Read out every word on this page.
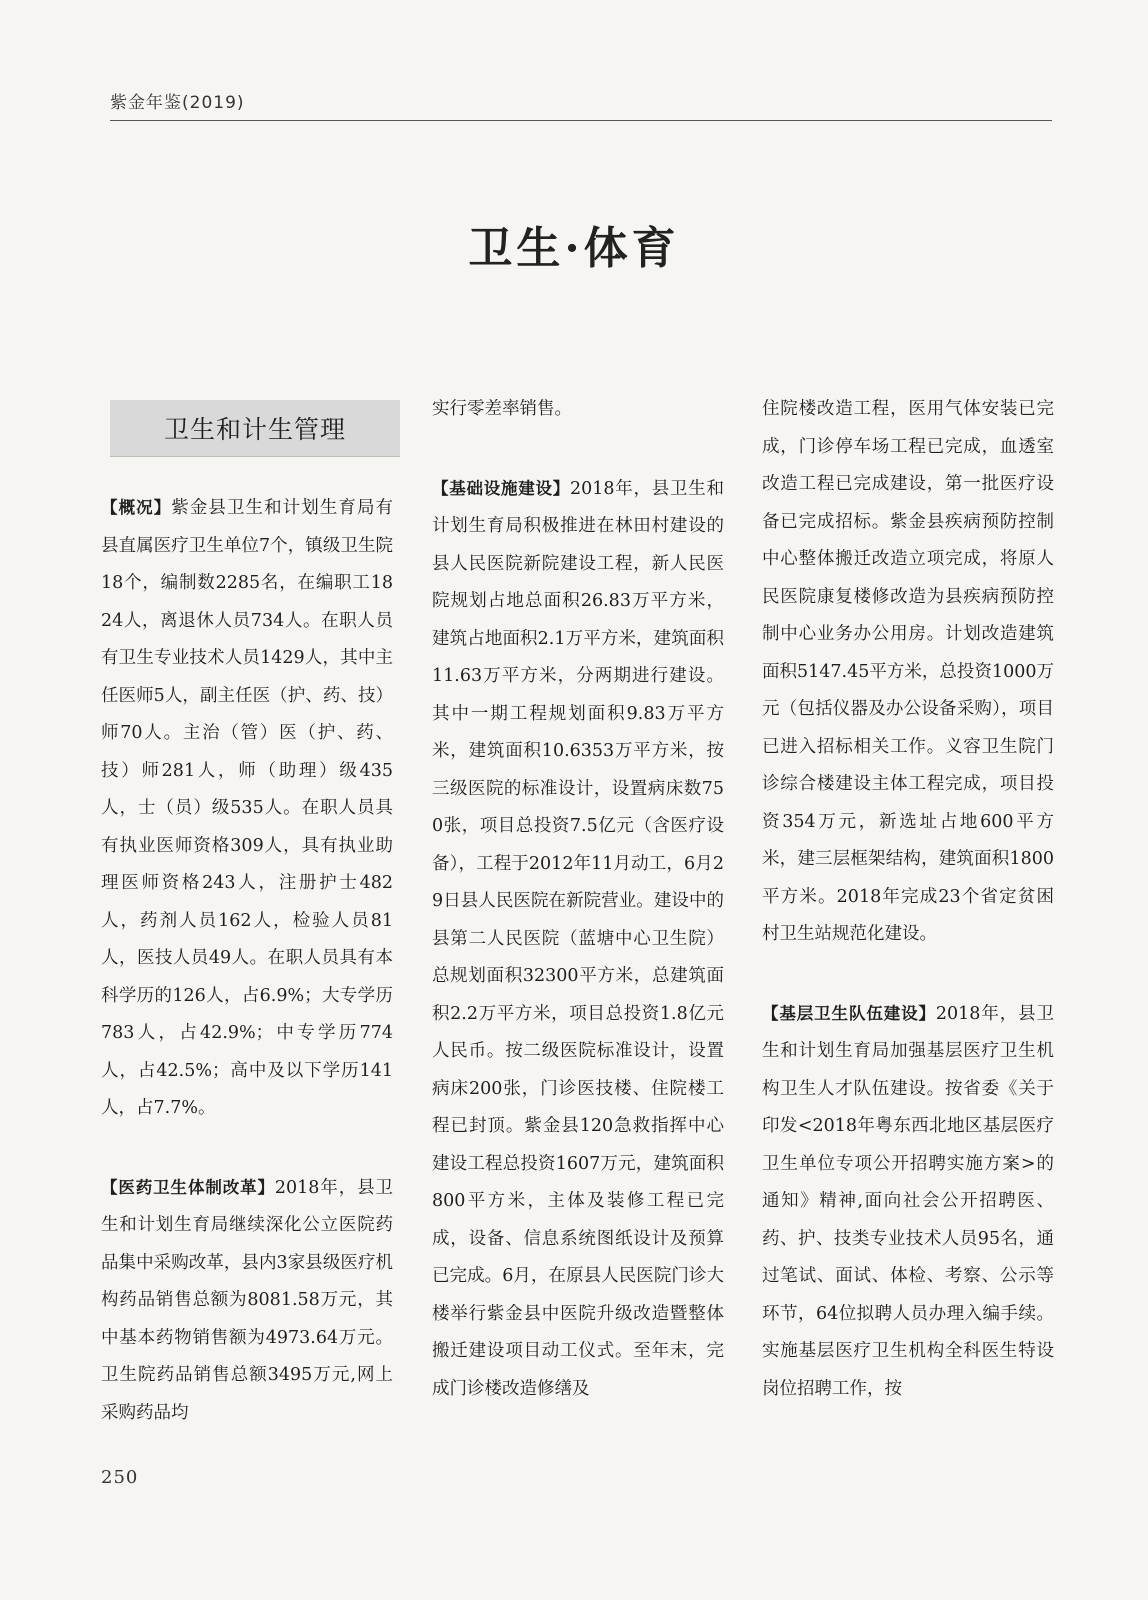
紫金年鉴(2019)
卫生·体育
卫生和计生管理

【概况】紫金县卫生和计划生育局有县直属医疗卫生单位7个，镇级卫生院18个，编制数2285名，在编职工1824人，离退休人员734人。在职人员有卫生专业技术人员1429人，其中主任医师5人，副主任医（护、药、技）师70人。主治（管）医（护、药、技）师281人，师（助理）级435人，士（员）级535人。在职人员具有执业医师资格309人，具有执业助理医师资格243人，注册护士482人，药剂人员162人，检验人员81人，医技人员49人。在职人员具有本科学历的126人，占6.9%；大专学历783人，占42.9%；中专学历774人，占42.5%；高中及以下学历141人，占7.7%。

【医药卫生体制改革】2018年，县卫生和计划生育局继续深化公立医院药品集中采购改革，县内3家县级医疗机构药品销售总额为8081.58万元，其中基本药物销售额为4973.64万元。卫生院药品销售总额3495万元,网上采购药品均

实行零差率销售。

【基础设施建设】2018年，县卫生和计划生育局积极推进在林田村建设的县人民医院新院建设工程，新人民医院规划占地总面积26.83万平方米，建筑占地面积2.1万平方米，建筑面积11.63万平方米，分两期进行建设。其中一期工程规划面积9.83万平方米，建筑面积10.6353万平方米，按三级医院的标准设计，设置病床数750张，项目总投资7.5亿元（含医疗设备），工程于2012年11月动工，6月29日县人民医院在新院营业。建设中的县第二人民医院（蓝塘中心卫生院）总规划面积32300平方米，总建筑面积2.2万平方米，项目总投资1.8亿元人民币。按二级医院标准设计，设置病床200张，门诊医技楼、住院楼工程已封顶。紫金县120急救指挥中心建设工程总投资1607万元，建筑面积800平方米，主体及装修工程已完成，设备、信息系统图纸设计及预算已完成。6月，在原县人民医院门诊大楼举行紫金县中医院升级改造暨整体搬迁建设项目动工仪式。至年末，完成门诊楼改造修缮及

住院楼改造工程，医用气体安装已完成，门诊停车场工程已完成，血透室改造工程已完成建设，第一批医疗设备已完成招标。紫金县疾病预防控制中心整体搬迁改造立项完成，将原人民医院康复楼修改造为县疾病预防控制中心业务办公用房。计划改造建筑面积5147.45平方米，总投资1000万元（包括仪器及办公设备采购），项目已进入招标相关工作。义容卫生院门诊综合楼建设主体工程完成，项目投资354万元，新选址占地600平方米，建三层框架结构，建筑面积1800平方米。2018年完成23个省定贫困村卫生站规范化建设。

【基层卫生队伍建设】2018年，县卫生和计划生育局加强基层医疗卫生机构卫生人才队伍建设。按省委《关于印发<2018年粤东西北地区基层医疗卫生单位专项公开招聘实施方案>的通知》精神,面向社会公开招聘医、药、护、技类专业技术人员95名，通过笔试、面试、体检、考察、公示等环节，64位拟聘人员办理入编手续。实施基层医疗卫生机构全科医生特设岗位招聘工作，按

250
